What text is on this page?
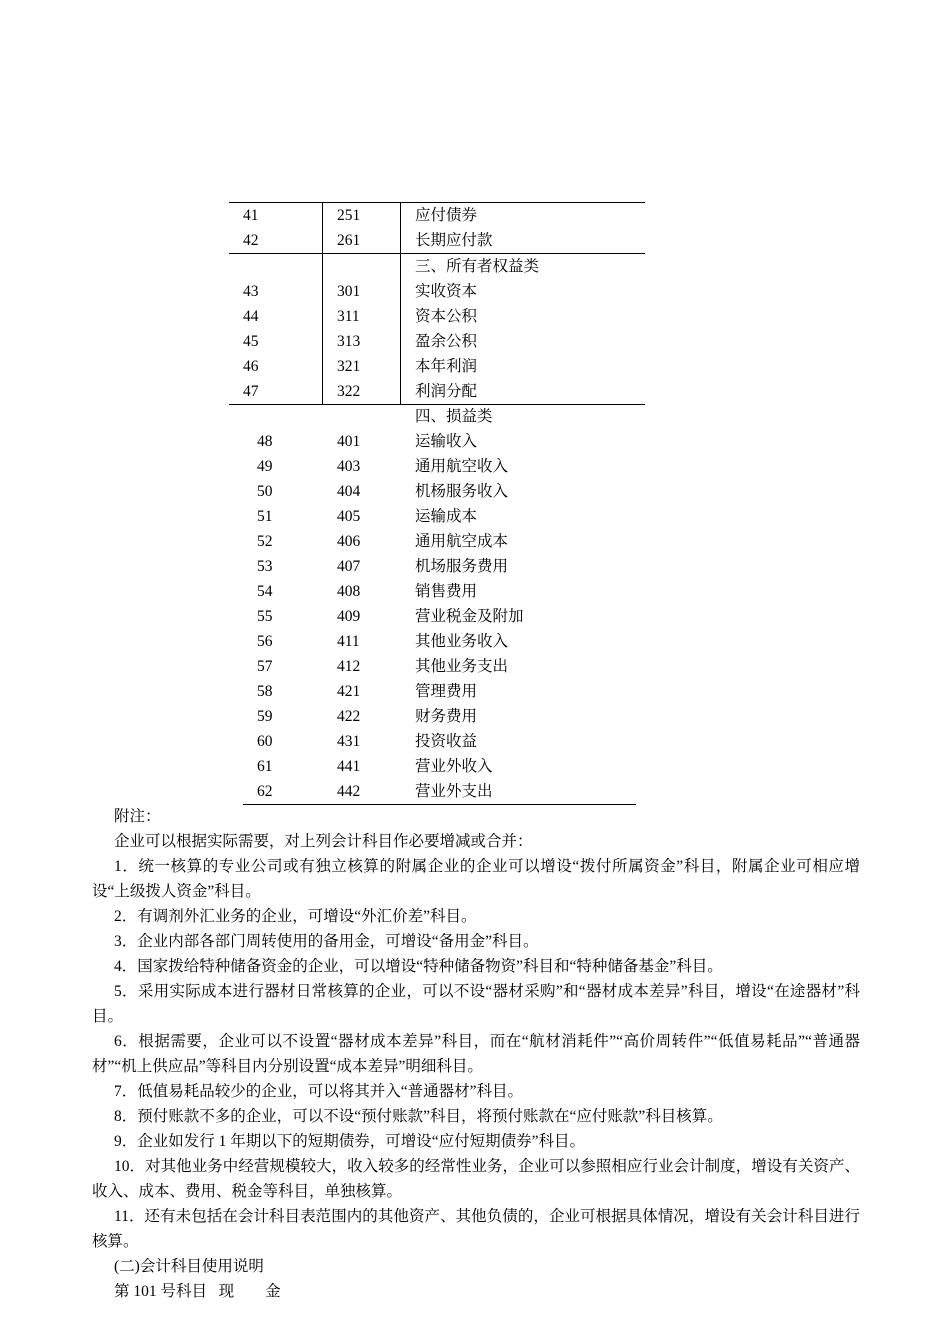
41	251	应付债券
42	261	长期应付款
三、所有者权益类
43	301	实收资本
44	311	资本公积
45	313	盈余公积
46	321	本年利润
47	322	利润分配
四、损益类
48	401	运输收入
49	403	通用航空收入
50	404	机杨服务收入
51	405	运输成本
52	406	通用航空成本
53	407	机场服务费用
54	408	销售费用
55	409	营业税金及附加
56	411	其他业务收入
57	412	其他业务支出
58	421	管理费用
59	422	财务费用
60	431	投资收益
61	441	营业外收入
62	442	营业外支出
附注：
企业可以根据实际需要，对上列会计科目作必要增减或合并：
1．统一核算的专业公司或有独立核算的附属企业的企业可以增设“拨付所属资金”科目，附属企业可相应增设“上级拨人资金”科目。
2．有调剂外汇业务的企业，可增设“外汇价差”科目。
3．企业内部各部门周转使用的备用金，可增设“备用金”科目。
4．国家拨给特种储备资金的企业，可以增设“特种储备物资”科目和“特种储备基金”科目。
5．采用实际成本进行器材日常核算的企业，可以不设“器材采购”和“器材成本差异”科目，增设“在途器材”科目。
6．根据需要，企业可以不设置“器材成本差异”科目，而在“航材消耗件”“高价周转件”“低值易耗品”“普通器材”“机上供应品”等科目内分别设置“成本差异”明细科目。
7．低值易耗品较少的企业，可以将其并入“普通器材”科目。
8．预付账款不多的企业，可以不设“预付账款”科目，将预付账款在“应付账款”科目核算。
9．企业如发行 1 年期以下的短期债券，可增设“应付短期债券”科目。
10．对其他业务中经营规模较大，收入较多的经常性业务，企业可以参照相应行业会计制度，增设有关资产、收入、成本、费用、税金等科目，单独核算。
11．还有未包括在会计科目表范围内的其他资产、其他负债的，企业可根据具体情况，增设有关会计科目进行核算。
(二)会计科目使用说明
第 101 号科目   现　　金
